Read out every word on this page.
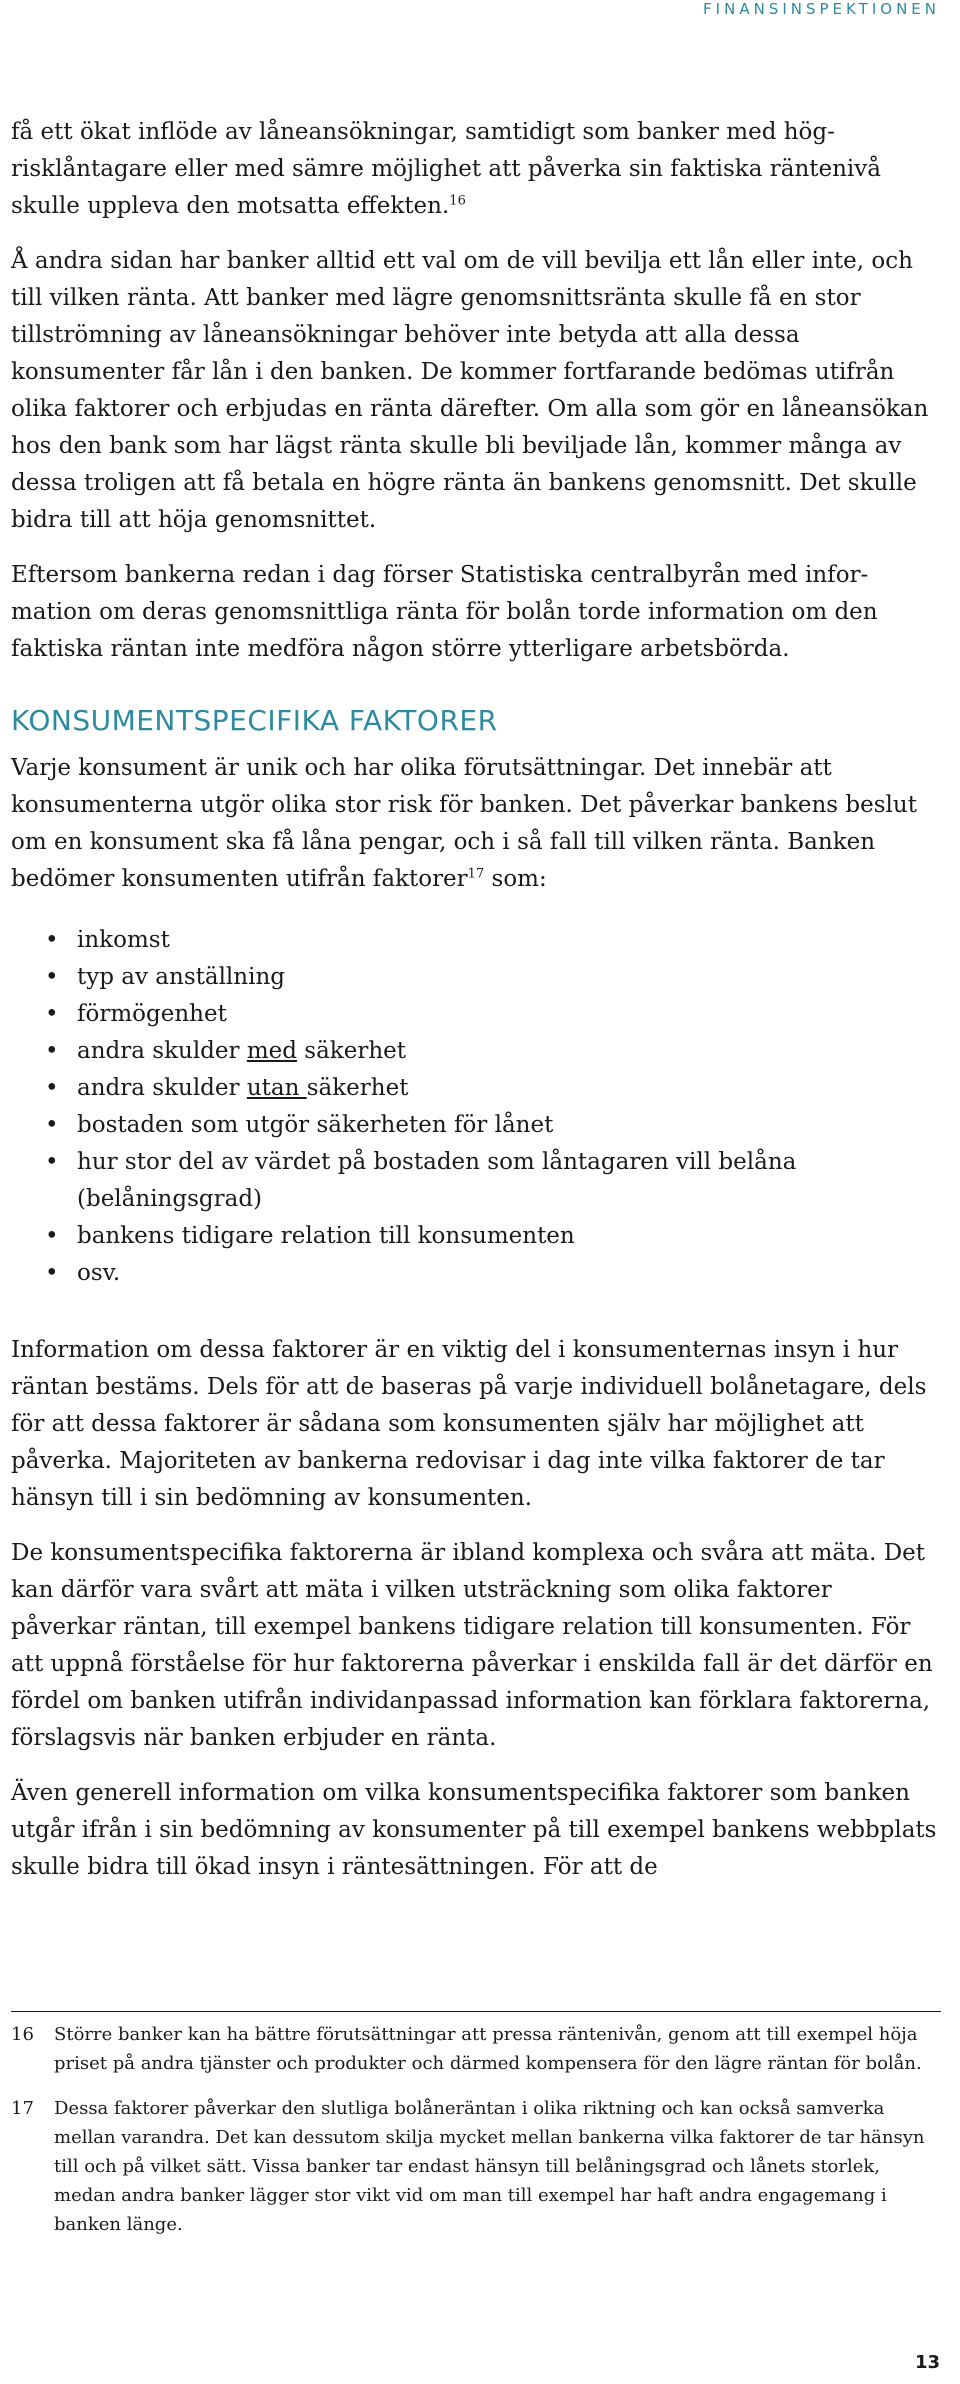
FINANSINSPEKTIONEN

få ett ökat inflöde av låneansökningar, samtidigt som banker med högrisklåntagare eller med sämre möjlighet att påverka sin faktiska räntenivå skulle uppleva den motsatta effekten.$^{16}$

Å andra sidan har banker alltid ett val om de vill bevilja ett lån eller inte, och till vilken ränta. Att banker med lägre genomsnittsränta skulle få en stor tillströmning av låneansökningar behöver inte betyda att alla dessa konsumenter får lån i den banken. De kommer fortfarande bedömas utifrån olika faktorer och erbjudas en ränta därefter. Om alla som gör en låneansökan hos den bank som har lägst ränta skulle bli beviljade lån, kommer många av dessa troligen att få betala en högre ränta än bankens genomsnitt. Det skulle bidra till att höja genomsnittet.

Eftersom bankerna redan i dag förser Statistiska centralbyrån med information om deras genomsnittliga ränta för bolån torde information om den faktiska räntan inte medföra någon större ytterligare arbetsbörda.

KONSUMENTSPECIFIKA FAKTORER

Varje konsument är unik och har olika förutsättningar. Det innebär att konsumenterna utgör olika stor risk för banken. Det påverkar bankens beslut om en konsument ska få låna pengar, och i så fall till vilken ränta. Banken bedömer konsumenten utifrån faktorer$^{17}$ som:

• inkomst
• typ av anställning
• förmögenhet
• andra skulder med säkerhet
• andra skulder utan säkerhet
• bostaden som utgör säkerheten för lånet
• hur stor del av värdet på bostaden som låntagaren vill belåna (belåningsgrad)
• bankens tidigare relation till konsumenten
• osv.

Information om dessa faktorer är en viktig del i konsumenternas insyn i hur räntan bestäms. Dels för att de baseras på varje individuell bolånetagare, dels för att dessa faktorer är sådana som konsumenten själv har möjlighet att påverka. Majoriteten av bankerna redovisar i dag inte vilka faktorer de tar hänsyn till i sin bedömning av konsumenten.

De konsumentspecifika faktorerna är ibland komplexa och svåra att mäta. Det kan därför vara svårt att mäta i vilken utsträckning som olika faktorer påverkar räntan, till exempel bankens tidigare relation till konsumenten. För att uppnå förståelse för hur faktorerna påverkar i enskilda fall är det därför en fördel om banken utifrån individanpassad information kan förklara faktorerna, förslagsvis när banken erbjuder en ränta.

Även generell information om vilka konsumentspecifika faktorer som banken utgår ifrån i sin bedömning av konsumenter på till exempel bankens webbplats skulle bidra till ökad insyn i räntesättningen. För att de

16 Större banker kan ha bättre förutsättningar att pressa räntenivån, genom att till exempel höja priset på andra tjänster och produkter och därmed kompensera för den lägre räntan för bolån.
17 Dessa faktorer påverkar den slutliga bolåneräntan i olika riktning och kan också samverka mellan varandra. Det kan dessutom skilja mycket mellan bankerna vilka faktorer de tar hänsyn till och på vilket sätt. Vissa banker tar endast hänsyn till belåningsgrad och lånets storlek, medan andra banker lägger stor vikt vid om man till exempel har haft andra engagemang i banken länge.
13
